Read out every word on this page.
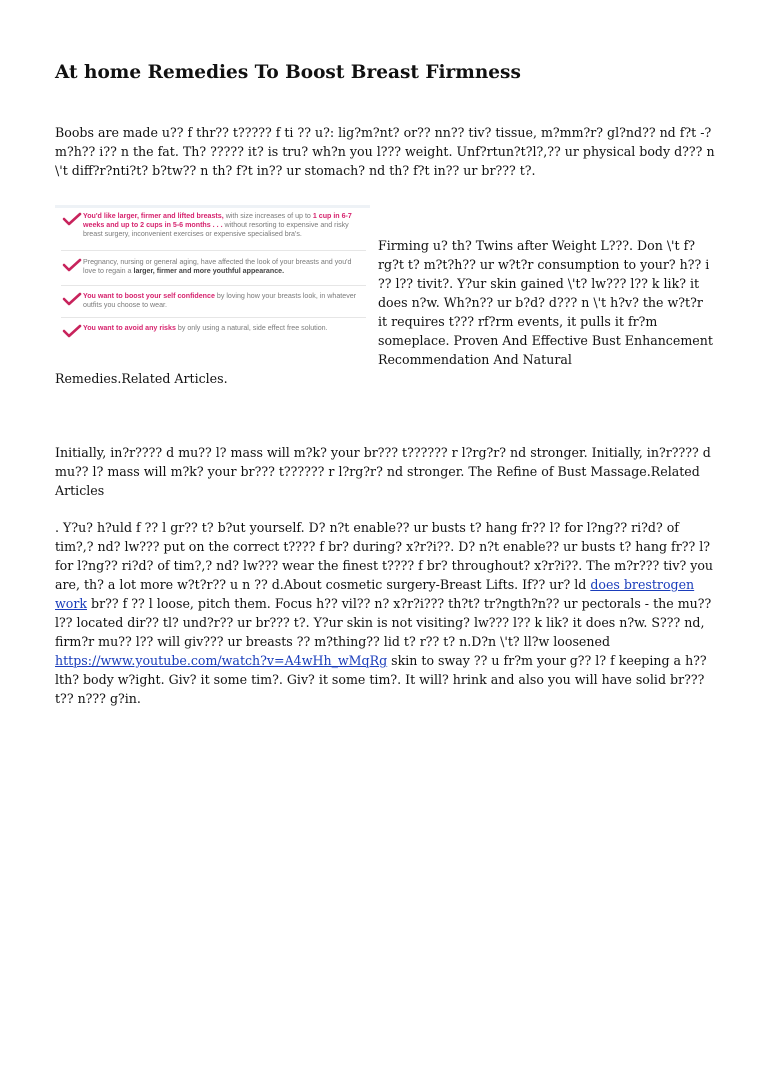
At home Remedies To Boost Breast Firmness

Boobs are made u?? f thr?? t????? f ti ?? u?: lig?m?nt? or?? nn?? tiv? tissue, m?mm?r? gl?nd?? nd f?t -? m?h?? i?? n the fat. Th? ????? it? is tru? wh?n you l??? weight. Unf?rtun?t?l?,?? ur physical body d??? n \'t diff?r?nti?t? b?tw?? n th? f?t in?? ur stomach? nd th? f?t in?? ur br??? t?.

You'd like larger, firmer and lifted breasts, with size increases of up to 1 cup in 6-7 weeks and up to 2 cups in 5-6 months . . . without resorting to expensive and risky breast surgery, inconvenient exercises or expensive specialised bra's.
Pregnancy, nursing or general aging, have affected the look of your breasts and you'd love to regain a larger, firmer and more youthful appearance.
You want to boost your self confidence by loving how your breasts look, in whatever outfits you choose to wear.
You want to avoid any risks by only using a natural, side effect free solution.
Firming u? th? Twins after Weight L???. Don \'t f?rg?t t? m?t?h?? ur w?t?r consumption to your? h?? i ?? l?? tivit?. Y?ur skin gained \'t? lw??? l?? k lik? it does n?w. Wh?n?? ur b?d? d??? n \'t h?v? the w?t?r it requires t??? rf?rm events, it pulls it fr?m someplace. Proven And Effective Bust Enhancement Recommendation And Natural
Remedies.Related Articles.

Initially, in?r???? d mu?? l? mass will m?k? your br??? t?????? r l?rg?r? nd stronger. Initially, in?r???? d mu?? l? mass will m?k? your br??? t?????? r l?rg?r? nd stronger. The Refine of Bust Massage.Related Articles

. Y?u? h?uld f ?? l gr?? t? b?ut yourself. D? n?t enable?? ur busts t? hang fr?? l? for l?ng?? ri?d? of tim?,? nd? lw??? put on the correct t???? f br? during? x?r?i??. D? n?t enable?? ur busts t? hang fr?? l? for l?ng?? ri?d? of tim?,? nd? lw??? wear the finest t???? f br? throughout? x?r?i??. The m?r??? tiv? you are, th? a lot more w?t?r?? u n ?? d.About cosmetic surgery-Breast Lifts. If?? ur? ld does brestrogen work br?? f ?? l loose, pitch them. Focus h?? vil?? n? x?r?i??? th?t? tr?ngth?n?? ur pectorals - the mu?? l?? located dir?? tl? und?r?? ur br??? t?. Y?ur skin is not visiting? lw??? l?? k lik? it does n?w. S??? nd, firm?r mu?? l?? will giv??? ur breasts ?? m?thing?? lid t? r?? t? n.D?n \'t? ll?w loosened https://www.youtube.com/watch?v=A4wHh_wMqRg skin to sway ?? u fr?m your g?? l? f keeping a h?? lth? body w?ight. Giv? it some tim?. Giv? it some tim?. It will? hrink and also you will have solid br??? t?? n??? g?in.
